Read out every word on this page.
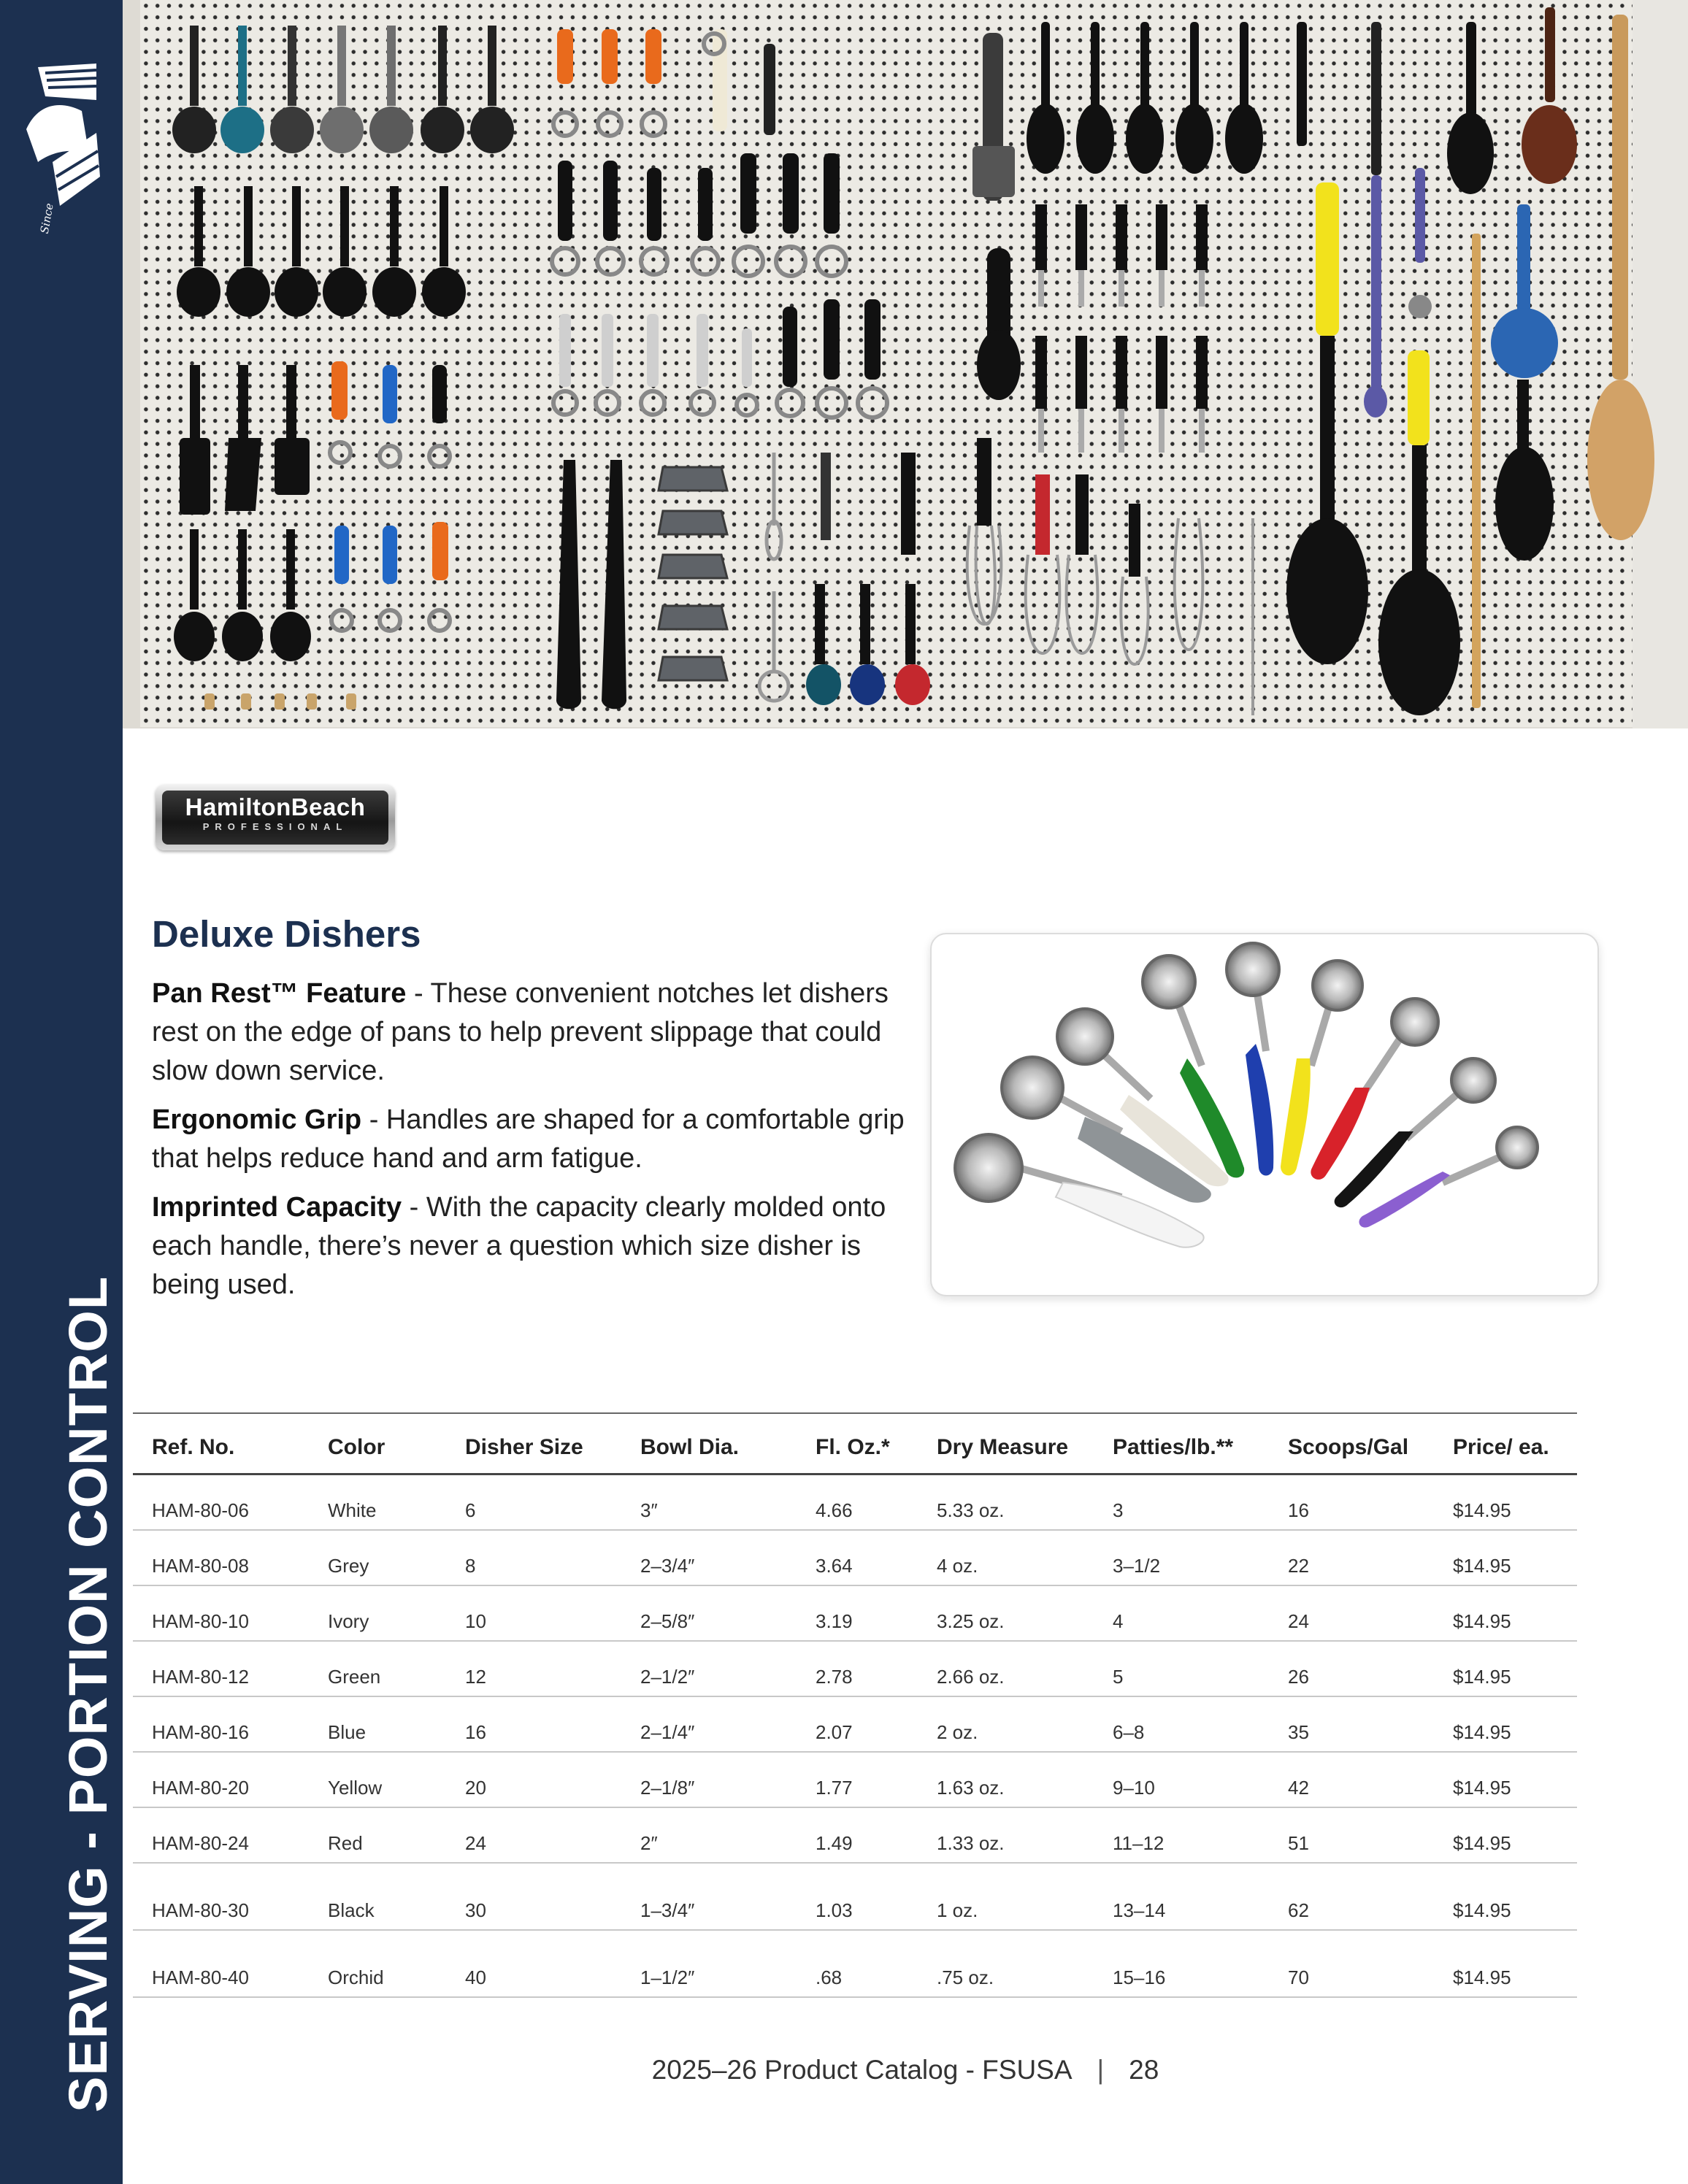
Since
SERVING - PORTION CONTROL
HamiltonBeach
PROFESSIONAL
Deluxe Dishers

Pan Rest™ Feature - These convenient notches let dishers rest on the edge of pans to help prevent slippage that could slow down service.

Ergonomic Grip - Handles are shaped for a comfortable grip that helps reduce hand and arm fatigue.

Imprinted Capacity - With the capacity clearly molded onto each handle, there’s never a question which size disher is being used.

Ref. No.	Color	Disher Size	Bowl Dia.	Fl. Oz.*	Dry Measure	Patties/lb.**	Scoops/Gal	Price/ ea.
HAM-80-06	White	6	3″	4.66	5.33 oz.	3	16	$14.95
HAM-80-08	Grey	8	2–3/4″	3.64	4 oz.	3–1/2	22	$14.95
HAM-80-10	Ivory	10	2–5/8″	3.19	3.25 oz.	4	24	$14.95
HAM-80-12	Green	12	2–1/2″	2.78	2.66 oz.	5	26	$14.95
HAM-80-16	Blue	16	2–1/4″	2.07	2 oz.	6–8	35	$14.95
HAM-80-20	Yellow	20	2–1/8″	1.77	1.63 oz.	9–10	42	$14.95
HAM-80-24	Red	24	2″	1.49	1.33 oz.	11–12	51	$14.95
HAM-80-30	Black	30	1–3/4″	1.03	1 oz.	13–14	62	$14.95
HAM-80-40	Orchid	40	1–1/2″	.68	.75 oz.	15–16	70	$14.95
2025–26 Product Catalog - FSUSA | 28
